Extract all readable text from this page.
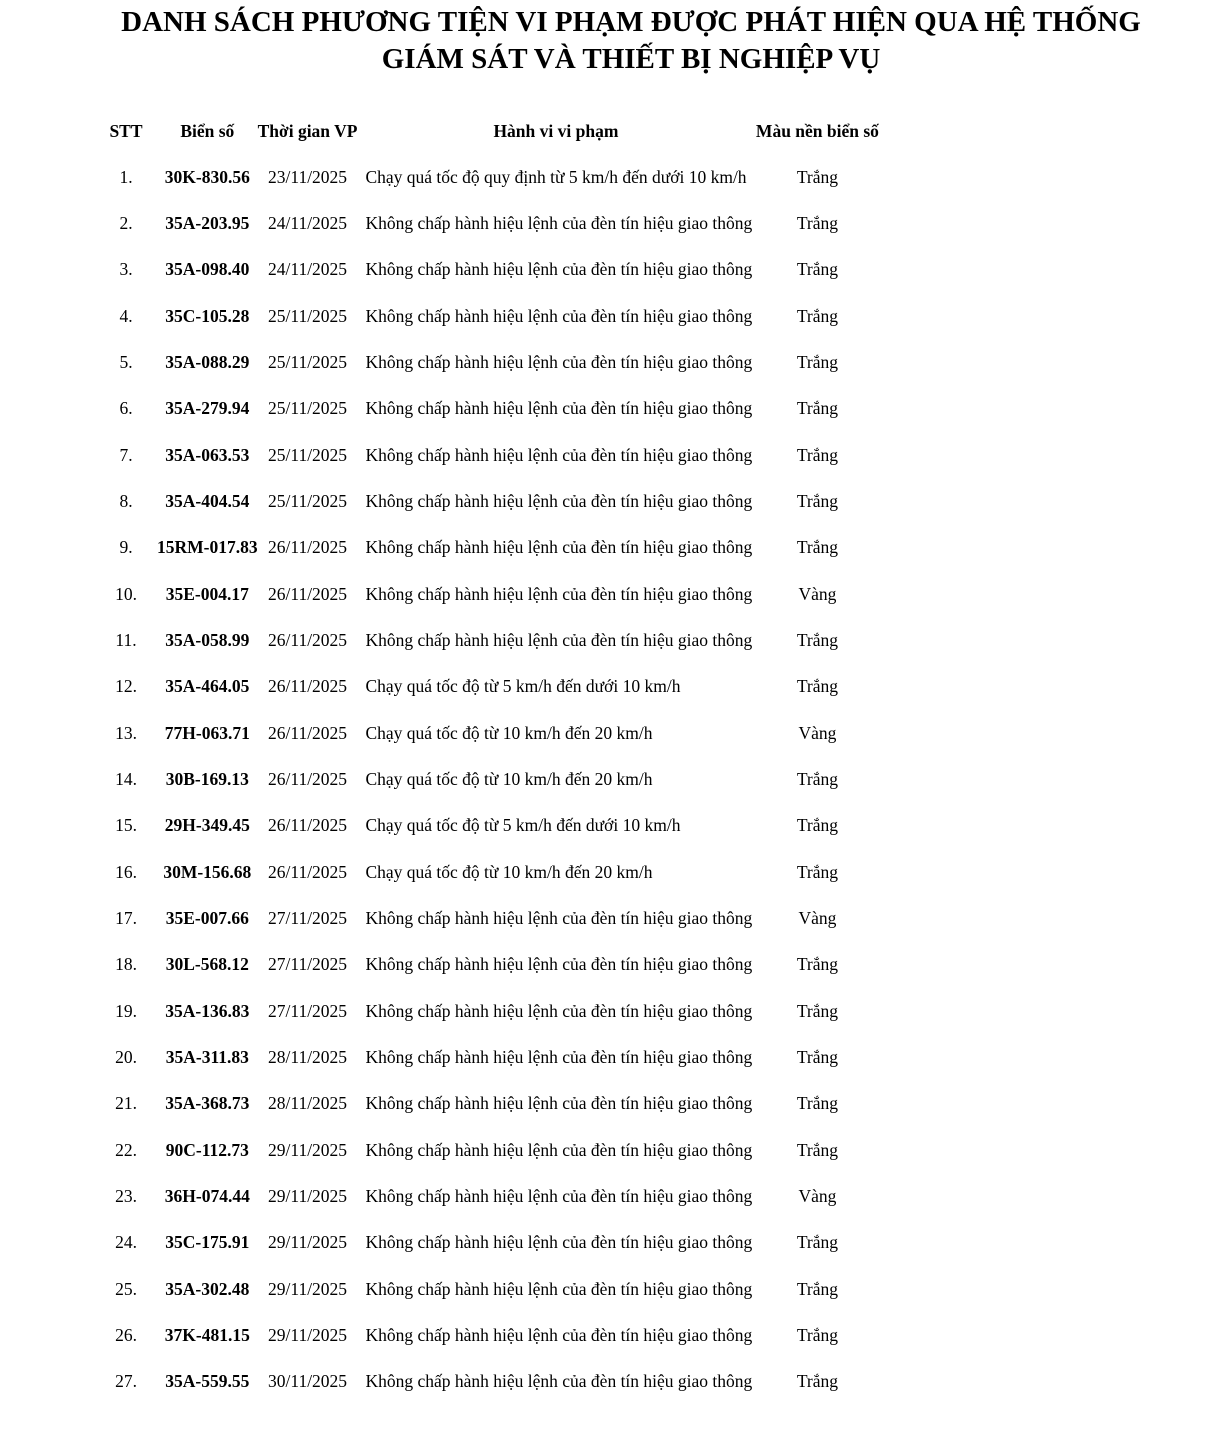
DANH SÁCH PHƯƠNG TIỆN VI PHẠM ĐƯỢC PHÁT HIỆN QUA HỆ THỐNG
GIÁM SÁT VÀ THIẾT BỊ NGHIỆP VỤ
STT	Biển số	Thời gian VP	Hành vi vi phạm	Màu nền biển số
1.	30K-830.56	23/11/2025	Chạy quá tốc độ quy định từ 5 km/h đến dưới 10 km/h	Trắng
2.	35A-203.95	24/11/2025	Không chấp hành hiệu lệnh của đèn tín hiệu giao thông	Trắng
3.	35A-098.40	24/11/2025	Không chấp hành hiệu lệnh của đèn tín hiệu giao thông	Trắng
4.	35C-105.28	25/11/2025	Không chấp hành hiệu lệnh của đèn tín hiệu giao thông	Trắng
5.	35A-088.29	25/11/2025	Không chấp hành hiệu lệnh của đèn tín hiệu giao thông	Trắng
6.	35A-279.94	25/11/2025	Không chấp hành hiệu lệnh của đèn tín hiệu giao thông	Trắng
7.	35A-063.53	25/11/2025	Không chấp hành hiệu lệnh của đèn tín hiệu giao thông	Trắng
8.	35A-404.54	25/11/2025	Không chấp hành hiệu lệnh của đèn tín hiệu giao thông	Trắng
9.	15RM-017.83	26/11/2025	Không chấp hành hiệu lệnh của đèn tín hiệu giao thông	Trắng
10.	35E-004.17	26/11/2025	Không chấp hành hiệu lệnh của đèn tín hiệu giao thông	Vàng
11.	35A-058.99	26/11/2025	Không chấp hành hiệu lệnh của đèn tín hiệu giao thông	Trắng
12.	35A-464.05	26/11/2025	Chạy quá tốc độ từ 5 km/h đến dưới 10 km/h	Trắng
13.	77H-063.71	26/11/2025	Chạy quá tốc độ từ 10 km/h đến 20 km/h	Vàng
14.	30B-169.13	26/11/2025	Chạy quá tốc độ từ 10 km/h đến 20 km/h	Trắng
15.	29H-349.45	26/11/2025	Chạy quá tốc độ từ 5 km/h đến dưới 10 km/h	Trắng
16.	30M-156.68	26/11/2025	Chạy quá tốc độ từ 10 km/h đến 20 km/h	Trắng
17.	35E-007.66	27/11/2025	Không chấp hành hiệu lệnh của đèn tín hiệu giao thông	Vàng
18.	30L-568.12	27/11/2025	Không chấp hành hiệu lệnh của đèn tín hiệu giao thông	Trắng
19.	35A-136.83	27/11/2025	Không chấp hành hiệu lệnh của đèn tín hiệu giao thông	Trắng
20.	35A-311.83	28/11/2025	Không chấp hành hiệu lệnh của đèn tín hiệu giao thông	Trắng
21.	35A-368.73	28/11/2025	Không chấp hành hiệu lệnh của đèn tín hiệu giao thông	Trắng
22.	90C-112.73	29/11/2025	Không chấp hành hiệu lệnh của đèn tín hiệu giao thông	Trắng
23.	36H-074.44	29/11/2025	Không chấp hành hiệu lệnh của đèn tín hiệu giao thông	Vàng
24.	35C-175.91	29/11/2025	Không chấp hành hiệu lệnh của đèn tín hiệu giao thông	Trắng
25.	35A-302.48	29/11/2025	Không chấp hành hiệu lệnh của đèn tín hiệu giao thông	Trắng
26.	37K-481.15	29/11/2025	Không chấp hành hiệu lệnh của đèn tín hiệu giao thông	Trắng
27.	35A-559.55	30/11/2025	Không chấp hành hiệu lệnh của đèn tín hiệu giao thông	Trắng
